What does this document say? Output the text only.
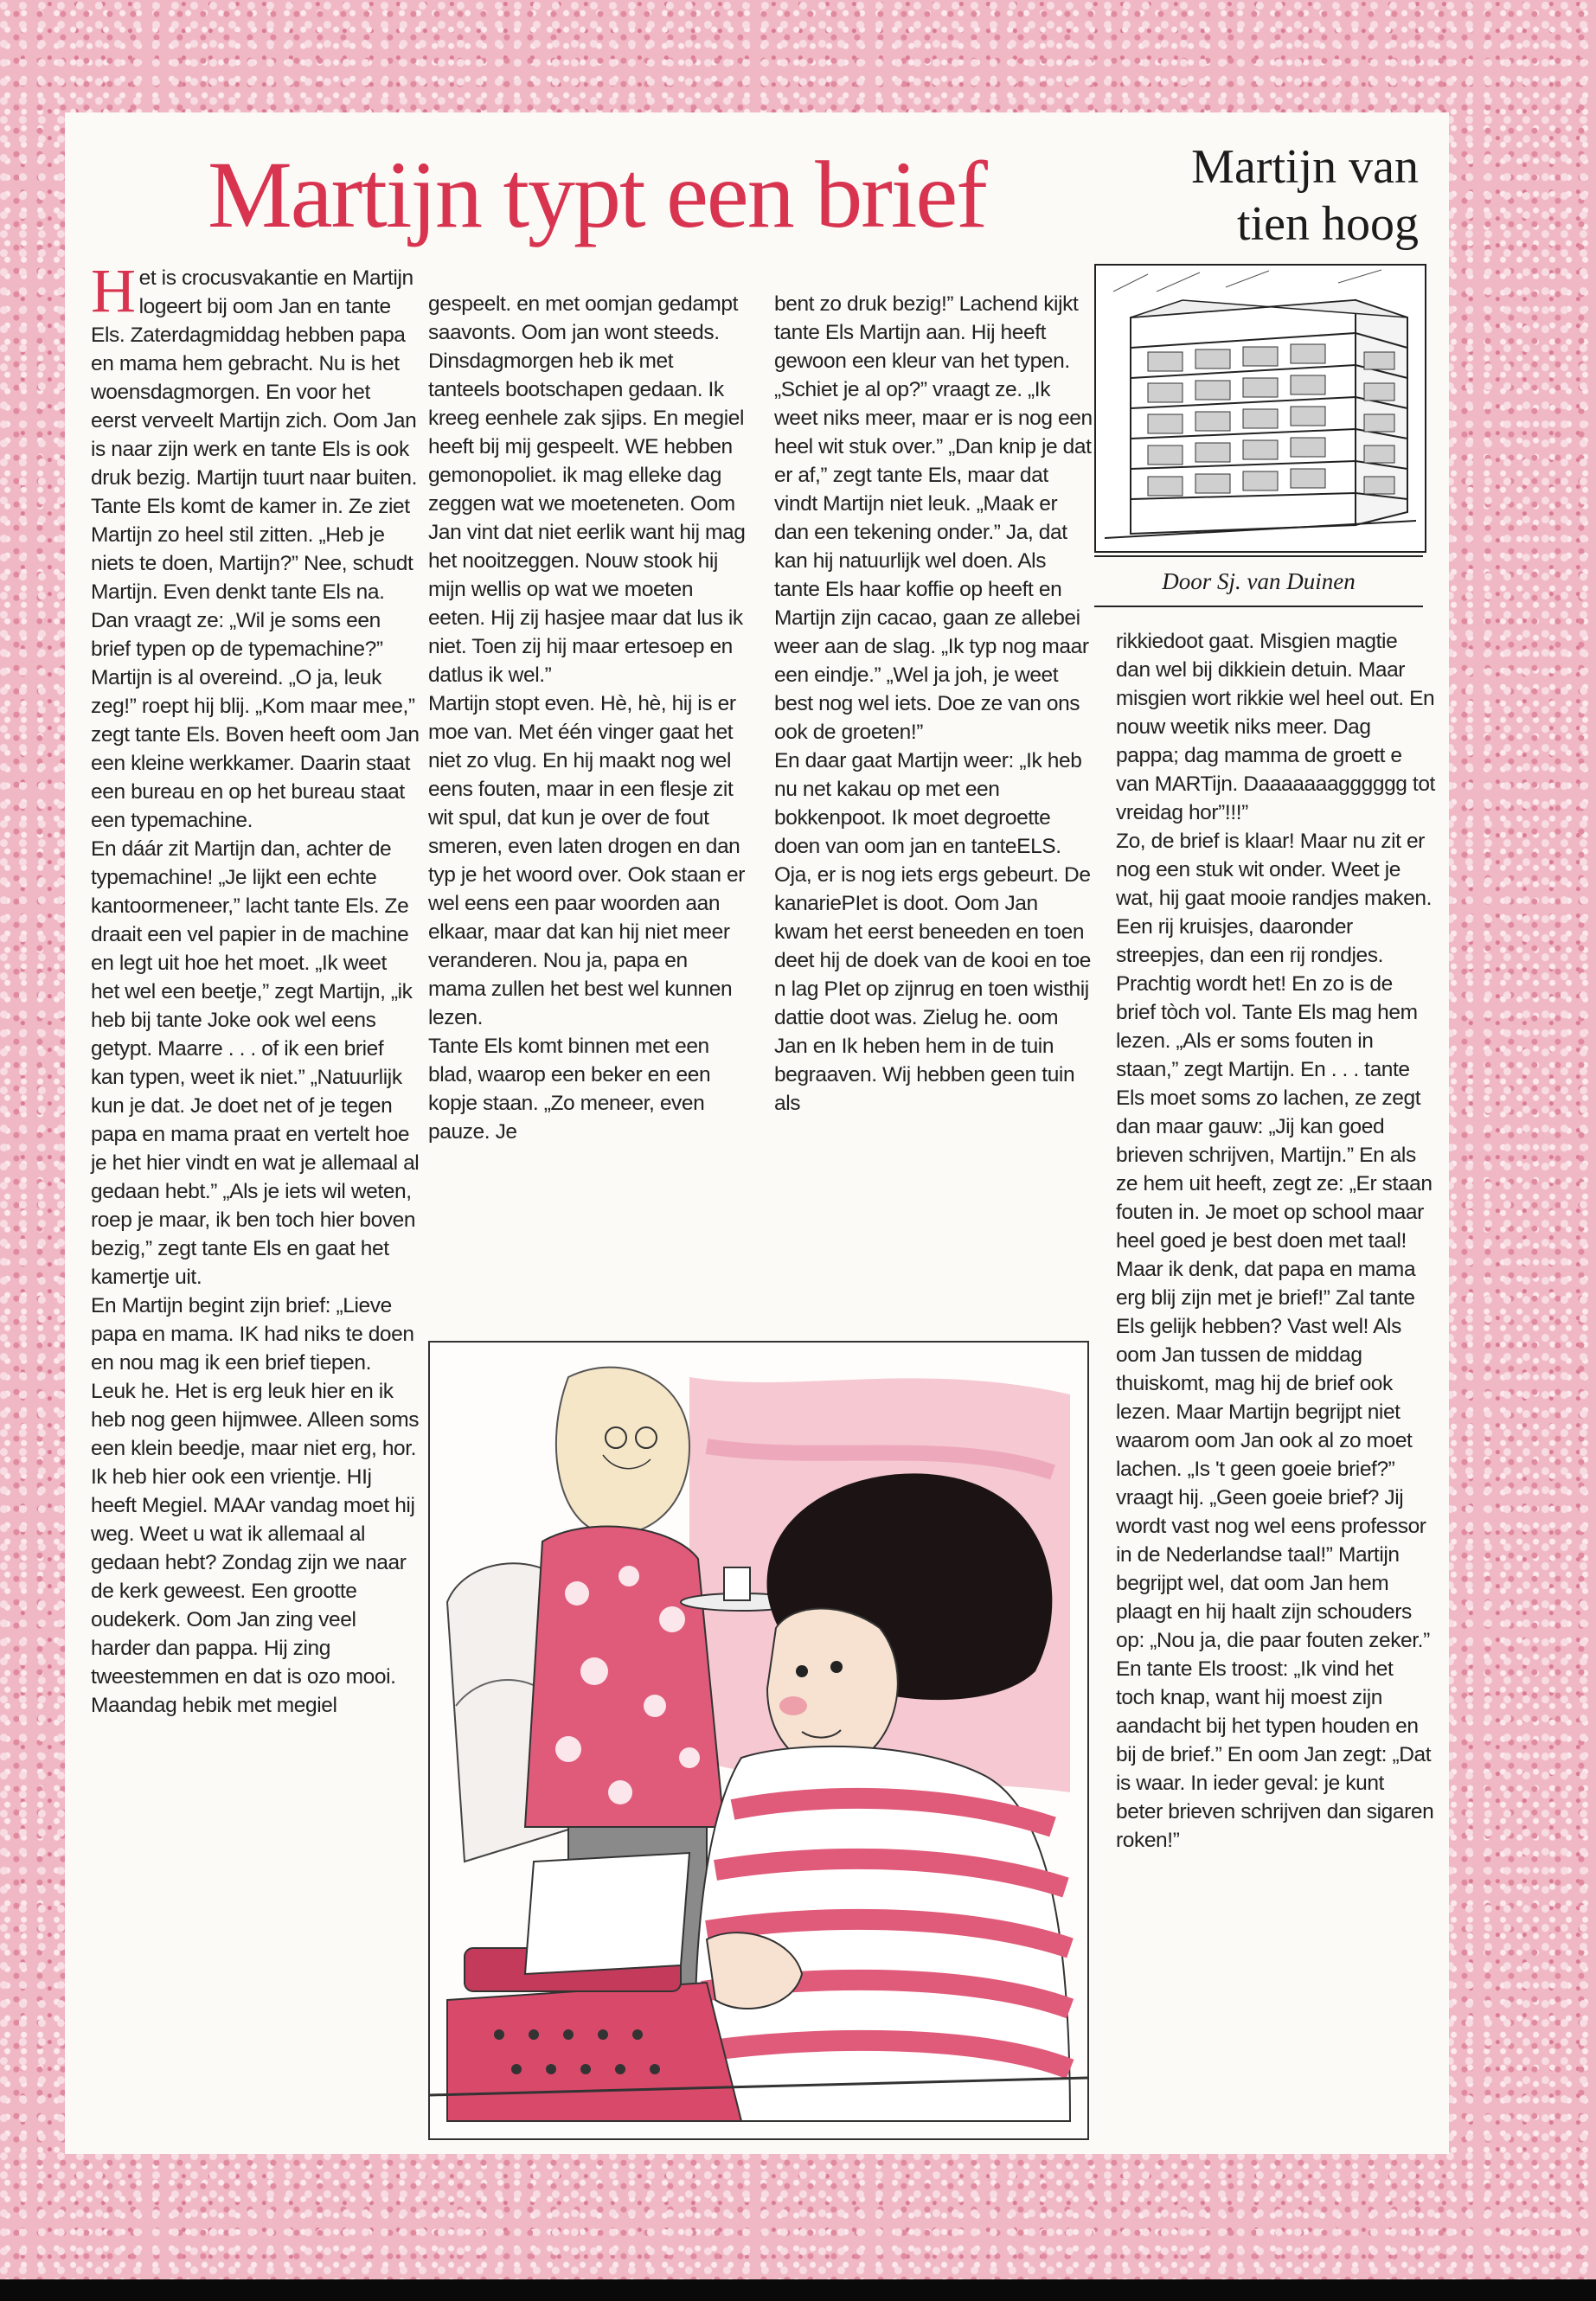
Martijn typt een brief	Martijn van
tien hoog
Door Sj. van Duinen

Het is crocusvakantie en Martijn logeert bij oom Jan en tante Els. Zaterdagmiddag hebben papa en mama hem gebracht. Nu is het woensdagmorgen. En voor het eerst verveelt Martijn zich. Oom Jan is naar zijn werk en tante Els is ook druk bezig. Martijn tuurt naar buiten. Tante Els komt de kamer in. Ze ziet Martijn zo heel stil zitten. „Heb je niets te doen, Martijn?” Nee, schudt Martijn. Even denkt tante Els na. Dan vraagt ze: „Wil je soms een brief typen op de typemachine?” Martijn is al overeind. „O ja, leuk zeg!” roept hij blij. „Kom maar mee,” zegt tante Els. Boven heeft oom Jan een kleine werkkamer. Daarin staat een bureau en op het bureau staat een typemachine.

En dáár zit Martijn dan, achter de typemachine! „Je lijkt een echte kantoormeneer,” lacht tante Els. Ze draait een vel papier in de machine en legt uit hoe het moet. „Ik weet het wel een beetje,” zegt Martijn, „ik heb bij tante Joke ook wel eens getypt. Maarre . . . of ik een brief kan typen, weet ik niet.” „Natuurlijk kun je dat. Je doet net of je tegen papa en mama praat en vertelt hoe je het hier vindt en wat je allemaal al gedaan hebt.” „Als je iets wil weten, roep je maar, ik ben toch hier boven bezig,” zegt tante Els en gaat het kamertje uit.

En Martijn begint zijn brief: „Lieve papa en mama. IK had niks te doen en nou mag ik een brief tiepen. Leuk he. Het is erg leuk hier en ik heb nog geen hijmwee. Alleen soms een klein beedje, maar niet erg, hor. Ik heb hier ook een vrientje. HIj heeft Megiel. MAAr vandag moet hij weg. Weet u wat ik allemaal al gedaan hebt? Zondag zijn we naar de kerk geweest. Een grootte oudekerk. Oom Jan zing veel harder dan pappa. Hij zing tweestemmen en dat is ozo mooi.

Maandag hebik met megiel

gespeelt. en met oomjan gedampt saavonts. Oom jan wont steeds. Dinsdagmorgen heb ik met tanteels bootschapen gedaan. Ik kreeg eenhele zak sjips. En megiel heeft bij mij gespeelt. WE hebben gemonopoliet. ik mag elleke dag zeggen wat we moeteneten. Oom Jan vint dat niet eerlik want hij mag het nooitzeggen. Nouw stook hij mijn wellis op wat we moeten eeten. Hij zij hasjee maar dat lus ik niet. Toen zij hij maar ertesoep en datlus ik wel.”

Martijn stopt even. Hè, hè, hij is er moe van. Met één vinger gaat het niet zo vlug. En hij maakt nog wel eens fouten, maar in een flesje zit wit spul, dat kun je over de fout smeren, even laten drogen en dan typ je het woord over. Ook staan er wel eens een paar woorden aan elkaar, maar dat kan hij niet meer veranderen. Nou ja, papa en mama zullen het best wel kunnen lezen.

Tante Els komt binnen met een blad, waarop een beker en een kopje staan. „Zo meneer, even pauze. Je

bent zo druk bezig!” Lachend kijkt tante Els Martijn aan. Hij heeft gewoon een kleur van het typen. „Schiet je al op?” vraagt ze. „Ik weet niks meer, maar er is nog een heel wit stuk over.” „Dan knip je dat er af,” zegt tante Els, maar dat vindt Martijn niet leuk. „Maak er dan een tekening onder.” Ja, dat kan hij natuurlijk wel doen. Als tante Els haar koffie op heeft en Martijn zijn cacao, gaan ze allebei weer aan de slag. „Ik typ nog maar een eindje.” „Wel ja joh, je weet best nog wel iets. Doe ze van ons ook de groeten!”

En daar gaat Martijn weer: „Ik heb nu net kakau op met een bokkenpoot. Ik moet degroette doen van oom jan en tanteELS. Oja, er is nog iets ergs gebeurt. De kanariePIet is doot. Oom Jan kwam het eerst beneeden en toen deet hij de doek van de kooi en toe n lag PIet op zijnrug en toen wisthij dattie doot was. Zielug he. oom Jan en Ik heben hem in de tuin begraaven. Wij hebben geen tuin als

rikkiedoot gaat. Misgien magtie dan wel bij dikkiein detuin. Maar misgien wort rikkie wel heel out. En nouw weetik niks meer. Dag pappa; dag mamma de groett e van MARTijn. Daaaaaaagggggg tot vreidag hor”!!!”

Zo, de brief is klaar! Maar nu zit er nog een stuk wit onder. Weet je wat, hij gaat mooie randjes maken. Een rij kruisjes, daaronder streepjes, dan een rij rondjes. Prachtig wordt het! En zo is de brief tòch vol. Tante Els mag hem lezen. „Als er soms fouten in staan,” zegt Martijn. En . . . tante Els moet soms zo lachen, ze zegt dan maar gauw: „Jij kan goed brieven schrijven, Martijn.” En als ze hem uit heeft, zegt ze: „Er staan fouten in. Je moet op school maar heel goed je best doen met taal! Maar ik denk, dat papa en mama erg blij zijn met je brief!” Zal tante Els gelijk hebben? Vast wel! Als oom Jan tussen de middag thuiskomt, mag hij de brief ook lezen. Maar Martijn begrijpt niet waarom oom Jan ook al zo moet lachen. „Is 't geen goeie brief?” vraagt hij. „Geen goeie brief? Jij wordt vast nog wel eens professor in de Nederlandse taal!” Martijn begrijpt wel, dat oom Jan hem plaagt en hij haalt zijn schouders op: „Nou ja, die paar fouten zeker.” En tante Els troost: „Ik vind het toch knap, want hij moest zijn aandacht bij het typen houden en bij de brief.” En oom Jan zegt: „Dat is waar. In ieder geval: je kunt beter brieven schrijven dan sigaren roken!”
